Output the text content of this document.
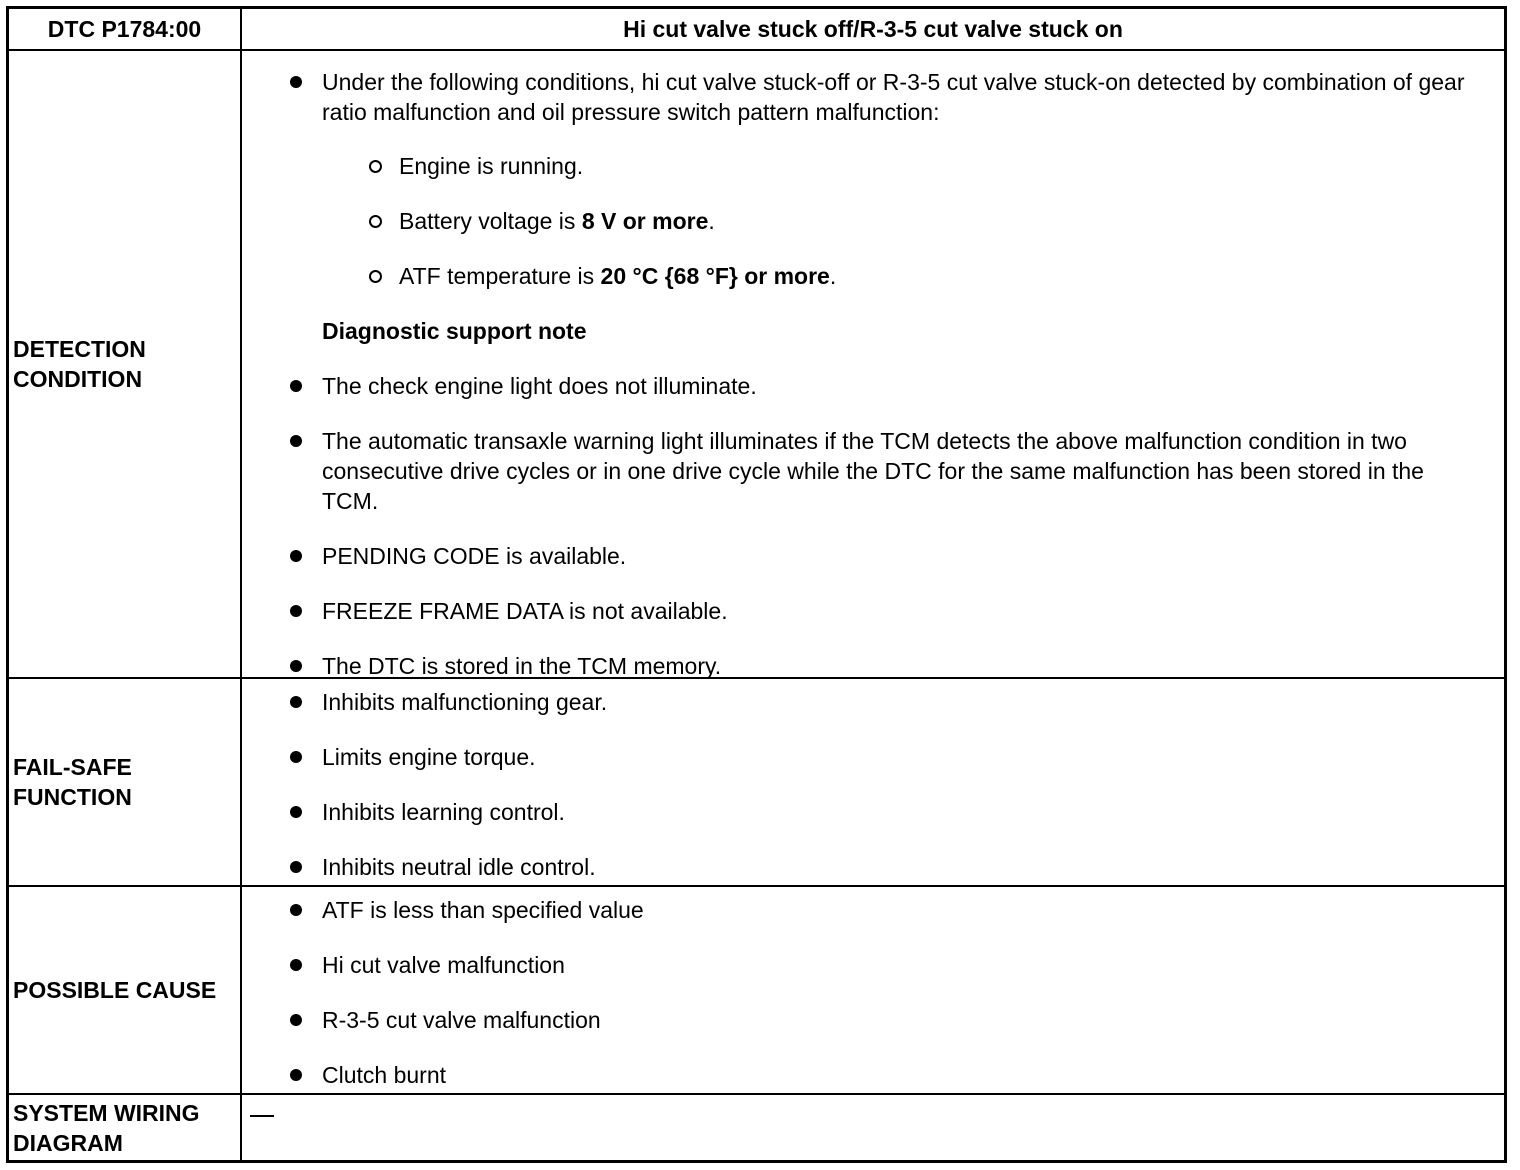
DTC P1784:00	Hi cut valve stuck off/R-3-5 cut valve stuck on
DETECTION
CONDITION
Under the following conditions, hi cut valve stuck-off or R-3-5 cut valve stuck-on detected by combination of gear ratio malfunction and oil pressure switch pattern malfunction:
Engine is running.
Battery voltage is 8 V or more.
ATF temperature is 20 °C {68 °F} or more.
Diagnostic support note
The check engine light does not illuminate.
The automatic transaxle warning light illuminates if the TCM detects the above malfunction condition in two consecutive drive cycles or in one drive cycle while the DTC for the same malfunction has been stored in the TCM.
PENDING CODE is available.
FREEZE FRAME DATA is not available.
The DTC is stored in the TCM memory.
FAIL-SAFE
FUNCTION
Inhibits malfunctioning gear.
Limits engine torque.
Inhibits learning control.
Inhibits neutral idle control.
POSSIBLE CAUSE
ATF is less than specified value
Hi cut valve malfunction
R-3-5 cut valve malfunction
Clutch burnt
SYSTEM WIRING
DIAGRAM
